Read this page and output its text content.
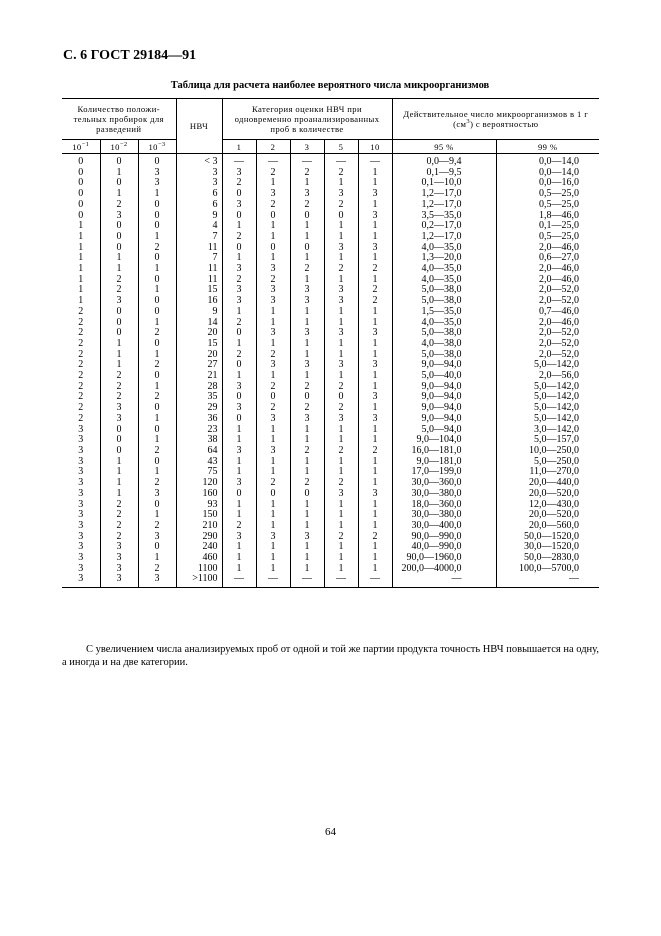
С. 6 ГОСТ 29184—91
Таблица для расчета наиболее вероятного числа микроорганизмов
Количество положи-тельных пробирок для разведений			НВЧ	Категория оценки НВЧ при одновременно проанализированных проб в количестве					Действительное число микроорганизмов в 1 г $(см^3)$ с вероятностью	
$10^{-1}$	$10^{-2}$	$10^{-3}$		1	2	3	5	10	95 %	99 %
0	0	0	< 3	—	—	—	—	—	0,0—9,4	0,0—14,0
0	1	3	3	3	2	2	2	1	0,1—9,5	0,0—14,0
0	0	3	3	2	1	1	1	1	0,1—10,0	0,0—16,0
0	1	1	6	0	3	3	3	3	1,2—17,0	0,5—25,0
0	2	0	6	3	2	2	2	1	1,2—17,0	0,5—25,0
0	3	0	9	0	0	0	0	3	3,5—35,0	1,8—46,0
1	0	0	4	1	1	1	1	1	0,2—17,0	0,1—25,0
1	0	1	7	2	1	1	1	1	1,2—17,0	0,5—25,0
1	0	2	11	0	0	0	3	3	4,0—35,0	2,0—46,0
1	1	0	7	1	1	1	1	1	1,3—20,0	0,6—27,0
1	1	1	11	3	3	2	2	2	4,0—35,0	2,0—46,0
1	2	0	11	2	2	1	1	1	4,0—35,0	2,0—46,0
1	2	1	15	3	3	3	3	2	5,0—38,0	2,0—52,0
1	3	0	16	3	3	3	3	2	5,0—38,0	2,0—52,0
2	0	0	9	1	1	1	1	1	1,5—35,0	0,7—46,0
2	0	1	14	2	1	1	1	1	4,0—35,0	2,0—46,0
2	0	2	20	0	3	3	3	3	5,0—38,0	2,0—52,0
2	1	0	15	1	1	1	1	1	4,0—38,0	2,0—52,0
2	1	1	20	2	2	1	1	1	5,0—38,0	2,0—52,0
2	1	2	27	0	3	3	3	3	9,0—94,0	5,0—142,0
2	2	0	21	1	1	1	1	1	5,0—40,0	2,0—56,0
2	2	1	28	3	2	2	2	1	9,0—94,0	5,0—142,0
2	2	2	35	0	0	0	0	3	9,0—94,0	5,0—142,0
2	3	0	29	3	2	2	2	1	9,0—94,0	5,0—142,0
2	3	1	36	0	3	3	3	3	9,0—94,0	5,0—142,0
3	0	0	23	1	1	1	1	1	5,0—94,0	3,0—142,0
3	0	1	38	1	1	1	1	1	9,0—104,0	5,0—157,0
3	0	2	64	3	3	2	2	2	16,0—181,0	10,0—250,0
3	1	0	43	1	1	1	1	1	9,0—181,0	5,0—250,0
3	1	1	75	1	1	1	1	1	17,0—199,0	11,0—270,0
3	1	2	120	3	2	2	2	1	30,0—360,0	20,0—440,0
3	1	3	160	0	0	0	3	3	30,0—380,0	20,0—520,0
3	2	0	93	1	1	1	1	1	18,0—360,0	12,0—430,0
3	2	1	150	1	1	1	1	1	30,0—380,0	20,0—520,0
3	2	2	210	2	1	1	1	1	30,0—400,0	20,0—560,0
3	2	3	290	3	3	3	2	2	90,0—990,0	50,0—1520,0
3	3	0	240	1	1	1	1	1	40,0—990,0	30,0—1520,0
3	3	1	460	1	1	1	1	1	90,0—1960,0	50,0—2830,0
3	3	2	1100	1	1	1	1	1	200,0—4000,0	100,0—5700,0
3	3	3	>1100	—	—	—	—	—	—	—
С увеличением числа анализируемых проб от одной и той же партии продукта точность НВЧ повышается на одну, а иногда и на две категории.
64
